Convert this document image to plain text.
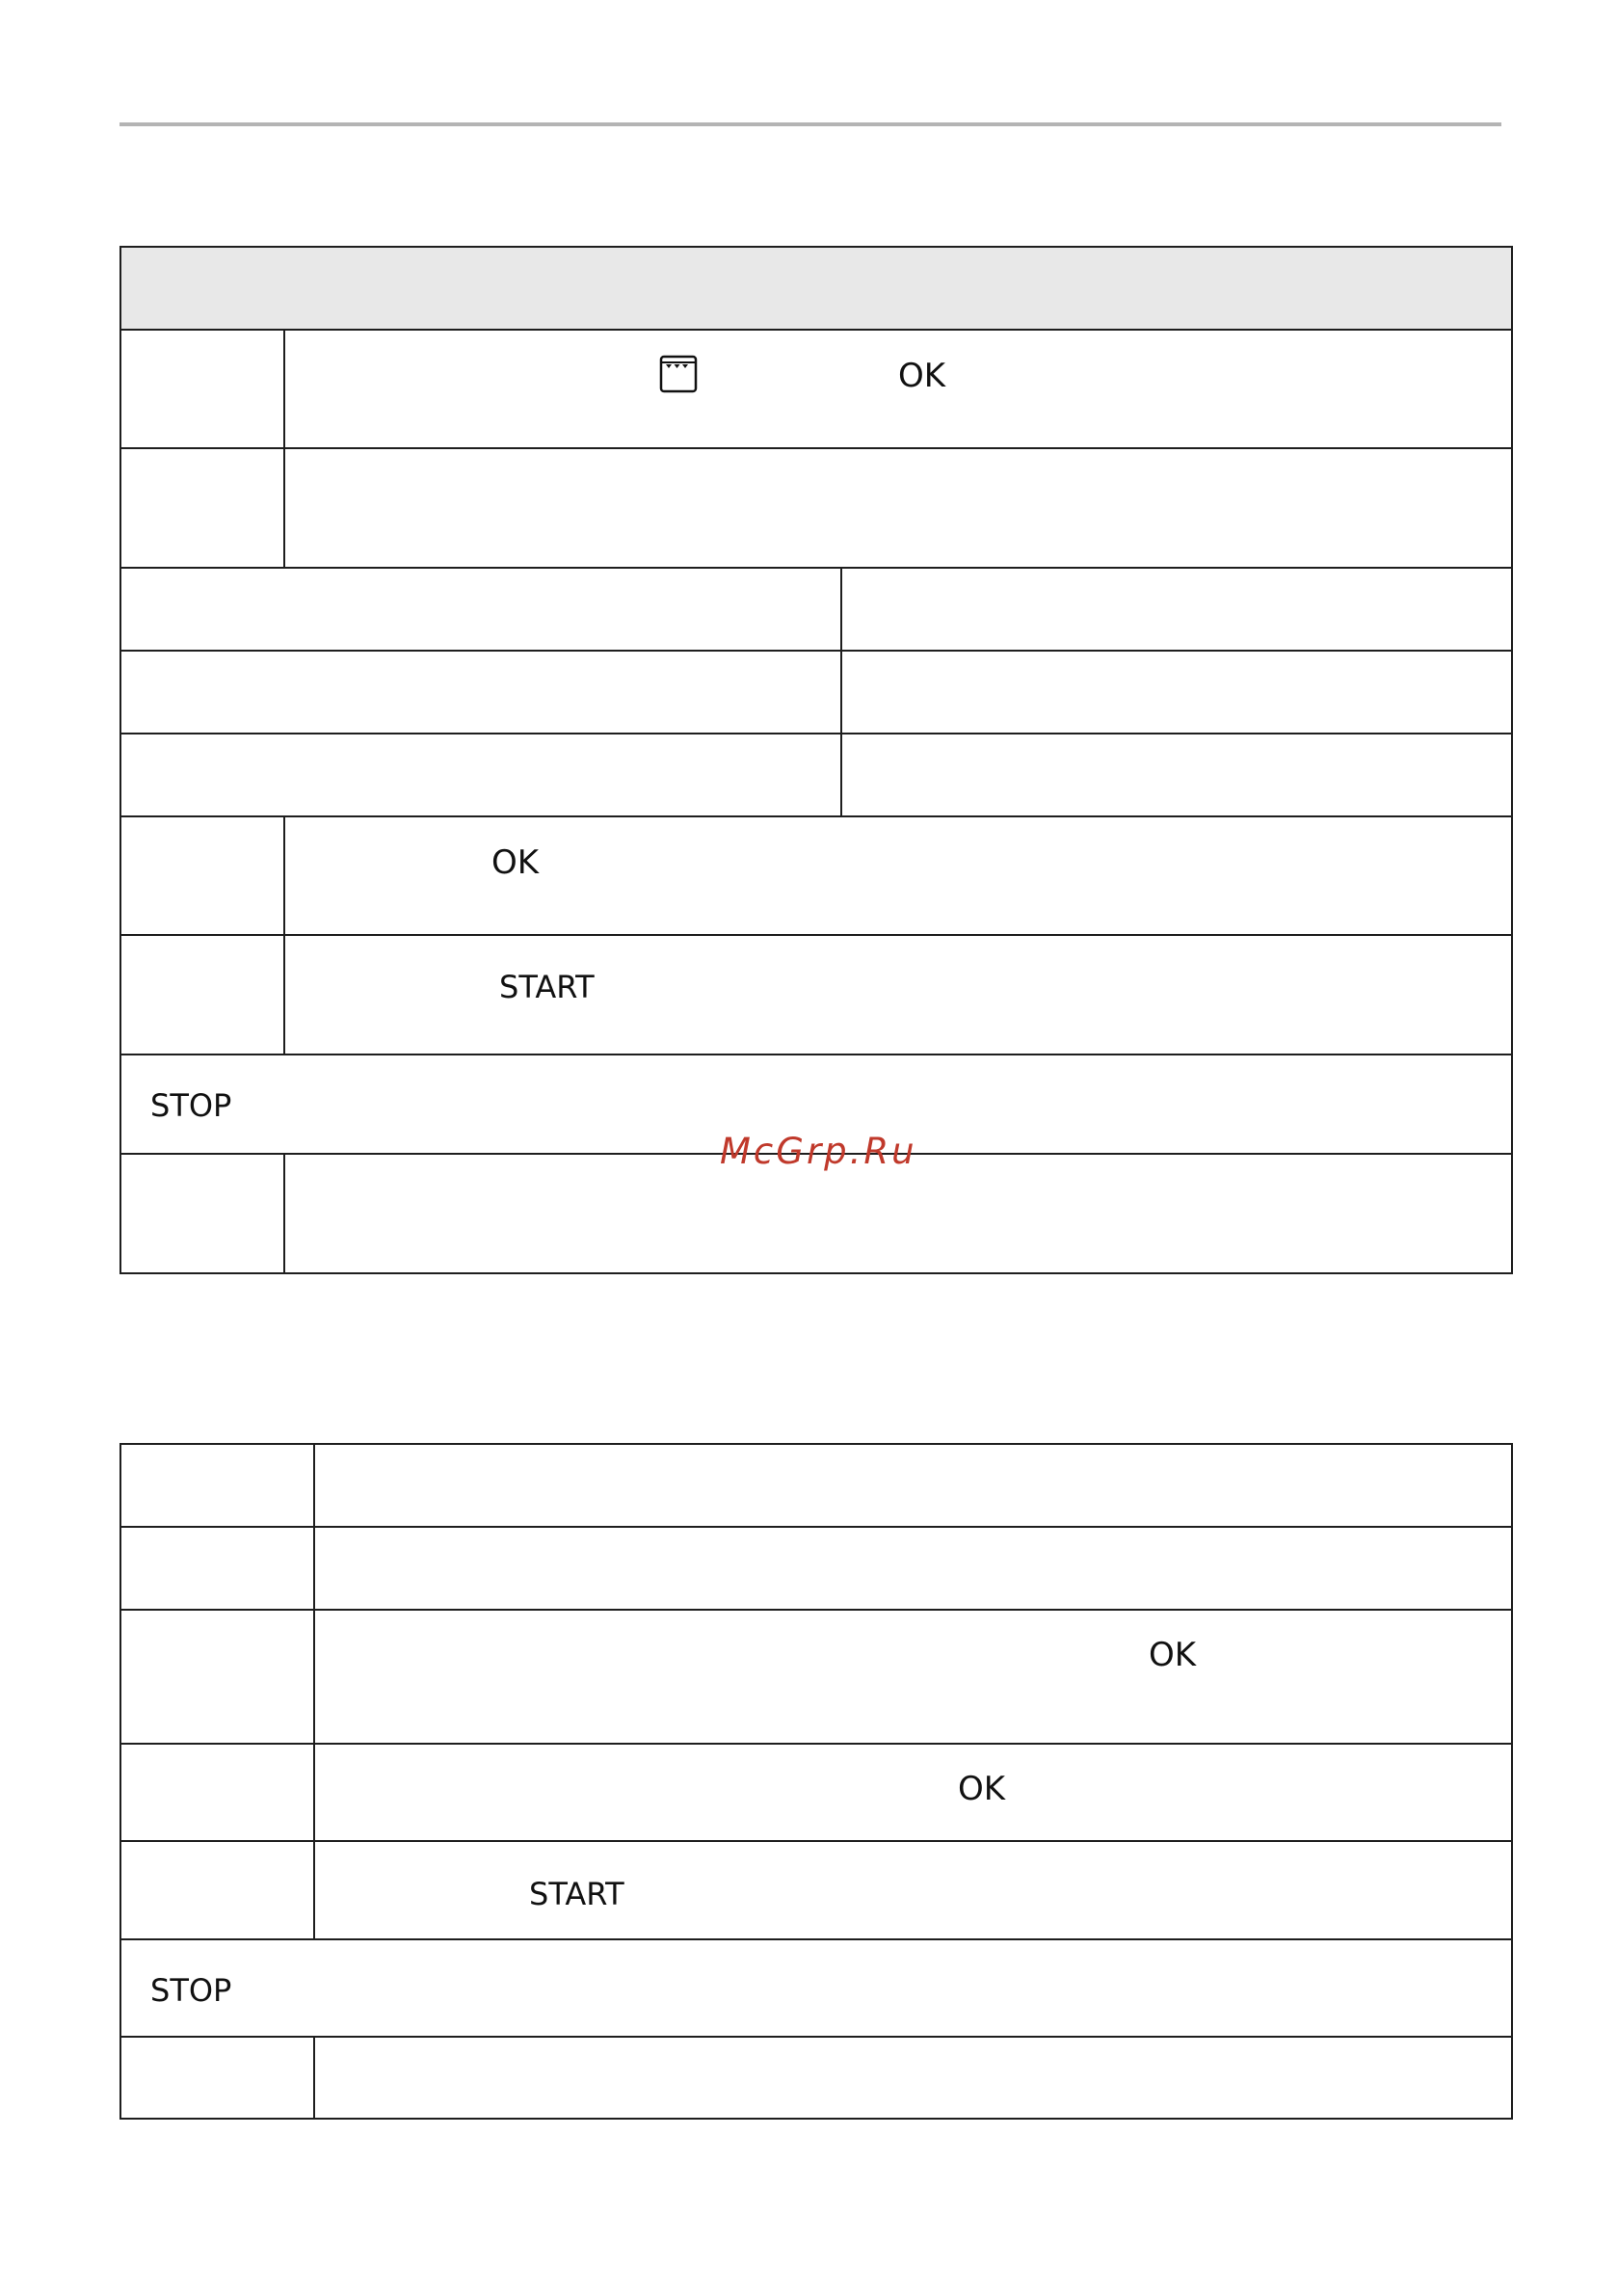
OK
OK
START
STOP
McGrp.Ru
OK
OK
START
STOP
